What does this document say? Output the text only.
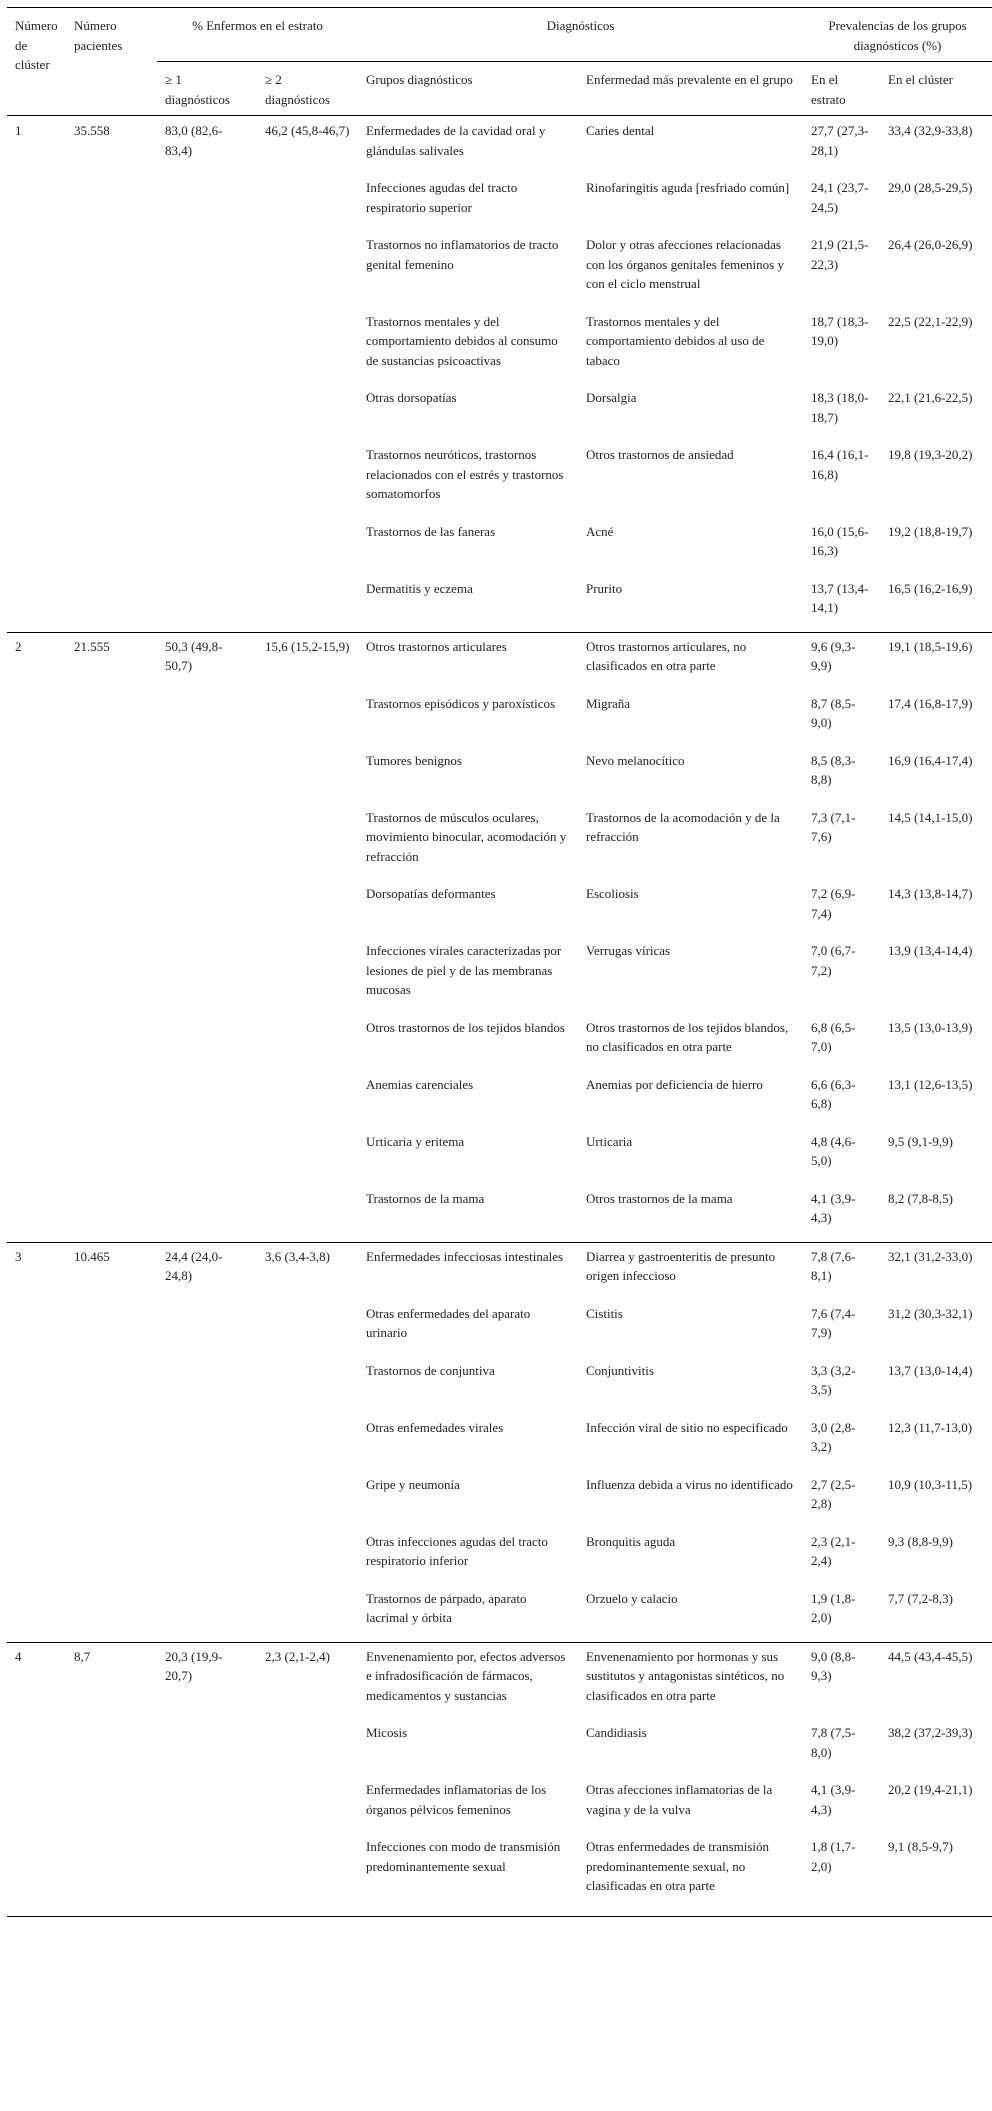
Número de clúster	Número pacientes	% Enfermos en el estrato		Diagnósticos		Prevalencias de los grupos diagnósticos (%)	
		≥ 1 diagnósticos	≥ 2 diagnósticos	Grupos diagnósticos	Enfermedad más prevalente en el grupo	En el estrato	En el clúster
1	35.558	83,0 (82,6-83,4)	46,2 (45,8-46,7)	Enfermedades de la cavidad oral y glándulas salivales	Caries dental	27,7 (27,3-28,1)	33,4 (32,9-33,8)
				Infecciones agudas del tracto respiratorio superior	Rinofaringitis aguda [resfriado común]	24,1 (23,7-24,5)	29,0 (28,5-29,5)
				Trastornos no inflamatorios de tracto genital femenino	Dolor y otras afecciones relacionadas con los órganos genitales femeninos y con el ciclo menstrual	21,9 (21,5-22,3)	26,4 (26,0-26,9)
				Trastornos mentales y del comportamiento debidos al consumo de sustancias psicoactivas	Trastornos mentales y del comportamiento debidos al uso de tabaco	18,7 (18,3-19,0)	22,5 (22,1-22,9)
				Otras dorsopatías	Dorsalgia	18,3 (18,0-18,7)	22,1 (21,6-22,5)
				Trastornos neuróticos, trastornos relacionados con el estrés y trastornos somatomorfos	Otros trastornos de ansiedad	16,4 (16,1-16,8)	19,8 (19,3-20,2)
				Trastornos de las faneras	Acné	16,0 (15,6-16,3)	19,2 (18,8-19,7)
				Dermatitis y eczema	Prurito	13,7 (13,4-14,1)	16,5 (16,2-16,9)
2	21.555	50,3 (49,8-50,7)	15,6 (15,2-15,9)	Otros trastornos articulares	Otros trastornos articulares, no clasificados en otra parte	9,6 (9,3-9,9)	19,1 (18,5-19,6)
				Trastornos episódicos y paroxísticos	Migraña	8,7 (8,5-9,0)	17,4 (16,8-17,9)
				Tumores benignos	Nevo melanocítico	8,5 (8,3-8,8)	16,9 (16,4-17,4)
				Trastornos de músculos oculares, movimiento binocular, acomodación y refracción	Trastornos de la acomodación y de la refracción	7,3 (7,1-7,6)	14,5 (14,1-15,0)
				Dorsopatías deformantes	Escoliosis	7,2 (6,9-7,4)	14,3 (13,8-14,7)
				Infecciones virales caracterizadas por lesiones de piel y de las membranas mucosas	Verrugas víricas	7,0 (6,7-7,2)	13,9 (13,4-14,4)
				Otros trastornos de los tejidos blandos	Otros trastornos de los tejidos blandos, no clasificados en otra parte	6,8 (6,5-7,0)	13,5 (13,0-13,9)
				Anemias carenciales	Anemias por deficiencia de hierro	6,6 (6,3-6,8)	13,1 (12,6-13,5)
				Urticaria y eritema	Urticaria	4,8 (4,6-5,0)	9,5 (9,1-9,9)
				Trastornos de la mama	Otros trastornos de la mama	4,1 (3,9-4,3)	8,2 (7,8-8,5)
3	10.465	24,4 (24,0-24,8)	3,6 (3,4-3,8)	Enfermedades infecciosas intestinales	Diarrea y gastroenteritis de presunto origen infeccioso	7,8 (7,6-8,1)	32,1 (31,2-33,0)
				Otras enfermedades del aparato urinario	Cistitis	7,6 (7,4-7,9)	31,2 (30,3-32,1)
				Trastornos de conjuntiva	Conjuntivitis	3,3 (3,2-3,5)	13,7 (13,0-14,4)
				Otras enfemedades virales	Infección viral de sitio no especificado	3,0 (2,8-3,2)	12,3 (11,7-13,0)
				Gripe y neumonía	Influenza debida a virus no identificado	2,7 (2,5-2,8)	10,9 (10,3-11,5)
				Otras infecciones agudas del tracto respiratorio inferior	Bronquitis aguda	2,3 (2,1-2,4)	9,3 (8,8-9,9)
				Trastornos de párpado, aparato lacrimal y órbita	Orzuelo y calacio	1,9 (1,8-2,0)	7,7 (7,2-8,3)
4	8,7	20,3 (19,9-20,7)	2,3 (2,1-2,4)	Envenenamiento por, efectos adversos e infradosificación de fármacos, medicamentos y sustancias	Envenenamiento por hormonas y sus sustitutos y antagonistas sintéticos, no clasificados en otra parte	9,0 (8,8-9,3)	44,5 (43,4-45,5)
				Micosis	Candidiasis	7,8 (7,5-8,0)	38,2 (37,2-39,3)
				Enfermedades inflamatorias de los órganos pélvicos femeninos	Otras afecciones inflamatorias de la vagina y de la vulva	4,1 (3,9-4,3)	20,2 (19,4-21,1)
				Infecciones con modo de transmisión predominantemente sexual	Otras enfermedades de transmisión predominantemente sexual, no clasificadas en otra parte	1,8 (1,7-2,0)	9,1 (8,5-9,7)
